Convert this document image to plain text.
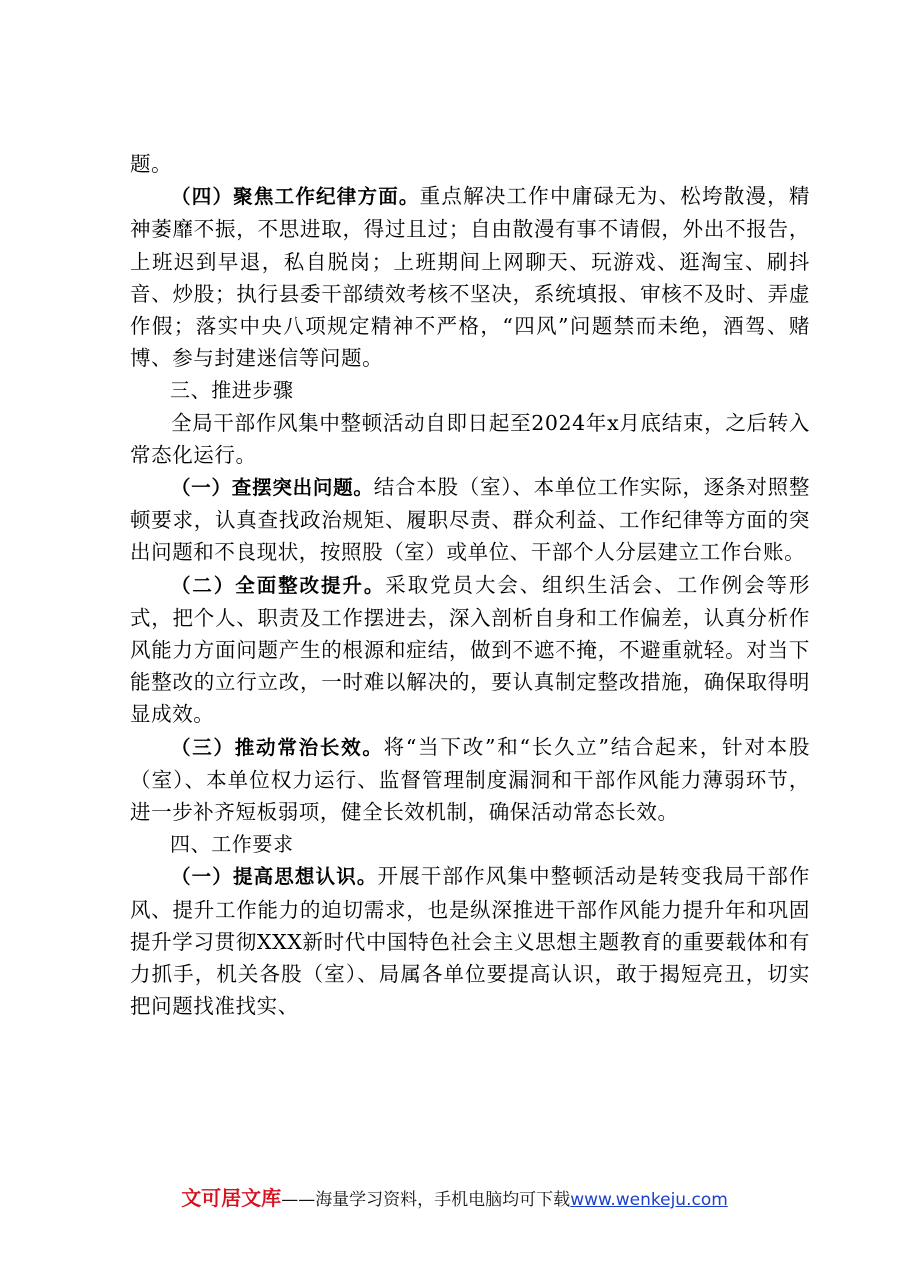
题。

（四）聚焦工作纪律方面。重点解决工作中庸碌无为、松垮散漫，精神萎靡不振，不思进取，得过且过；自由散漫有事不请假，外出不报告，上班迟到早退，私自脱岗；上班期间上网聊天、玩游戏、逛淘宝、刷抖音、炒股；执行县委干部绩效考核不坚决，系统填报、审核不及时、弄虚作假；落实中央八项规定精神不严格，“四风”问题禁而未绝，酒驾、赌博、参与封建迷信等问题。

三、推进步骤

全局干部作风集中整顿活动自即日起至2024年x月底结束，之后转入常态化运行。

（一）查摆突出问题。结合本股（室）、本单位工作实际，逐条对照整顿要求，认真查找政治规矩、履职尽责、群众利益、工作纪律等方面的突出问题和不良现状，按照股（室）或单位、干部个人分层建立工作台账。

（二）全面整改提升。采取党员大会、组织生活会、工作例会等形式，把个人、职责及工作摆进去，深入剖析自身和工作偏差，认真分析作风能力方面问题产生的根源和症结，做到不遮不掩，不避重就轻。对当下能整改的立行立改，一时难以解决的，要认真制定整改措施，确保取得明显成效。

（三）推动常治长效。将“当下改”和“长久立”结合起来，针对本股（室）、本单位权力运行、监督管理制度漏洞和干部作风能力薄弱环节，进一步补齐短板弱项，健全长效机制，确保活动常态长效。

四、工作要求

（一）提高思想认识。开展干部作风集中整顿活动是转变我局干部作风、提升工作能力的迫切需求，也是纵深推进干部作风能力提升年和巩固提升学习贯彻XXX新时代中国特色社会主义思想主题教育的重要载体和有力抓手，机关各股（室）、局属各单位要提高认识，敢于揭短亮丑，切实把问题找准找实、

文可居文库——海量学习资料，手机电脑均可下载www.wenkeju.com
